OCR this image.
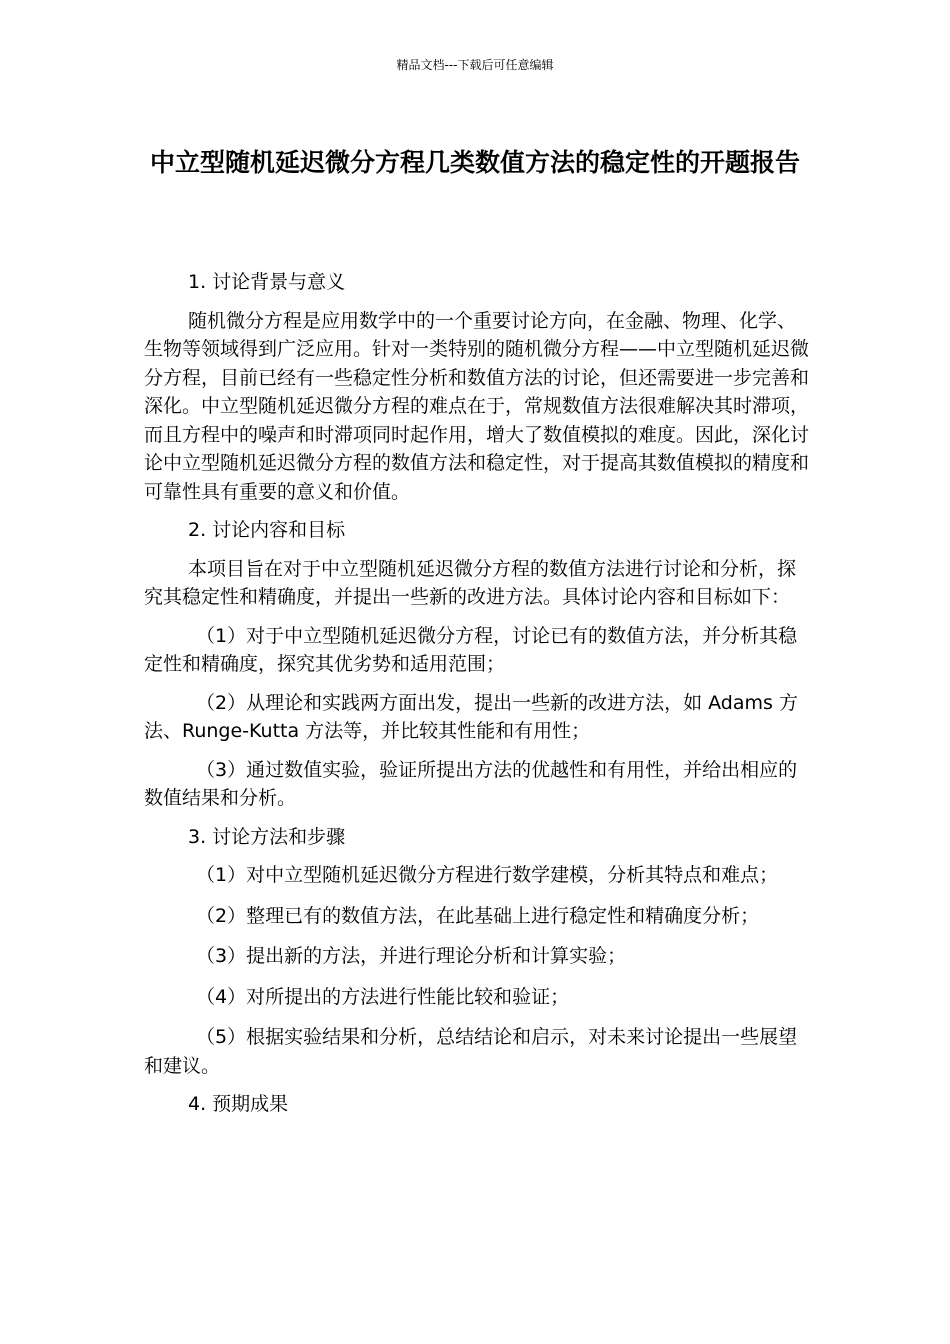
精品文档---下载后可任意编辑
中立型随机延迟微分方程几类数值方法的稳定性的开题报告

1. 讨论背景与意义

随机微分方程是应用数学中的一个重要讨论方向，在金融、物理、化学、生物等领域得到广泛应用。针对一类特别的随机微分方程——中立型随机延迟微分方程，目前已经有一些稳定性分析和数值方法的讨论，但还需要进一步完善和深化。中立型随机延迟微分方程的难点在于，常规数值方法很难解决其时滞项，而且方程中的噪声和时滞项同时起作用，增大了数值模拟的难度。因此，深化讨论中立型随机延迟微分方程的数值方法和稳定性，对于提高其数值模拟的精度和可靠性具有重要的意义和价值。

2. 讨论内容和目标

本项目旨在对于中立型随机延迟微分方程的数值方法进行讨论和分析，探究其稳定性和精确度，并提出一些新的改进方法。具体讨论内容和目标如下：

（1）对于中立型随机延迟微分方程，讨论已有的数值方法，并分析其稳定性和精确度，探究其优劣势和适用范围；

（2）从理论和实践两方面出发，提出一些新的改进方法，如 Adams 方法、Runge-Kutta 方法等，并比较其性能和有用性；

（3）通过数值实验，验证所提出方法的优越性和有用性，并给出相应的数值结果和分析。

3. 讨论方法和步骤

（1）对中立型随机延迟微分方程进行数学建模，分析其特点和难点；

（2）整理已有的数值方法，在此基础上进行稳定性和精确度分析；

（3）提出新的方法，并进行理论分析和计算实验；

（4）对所提出的方法进行性能比较和验证；

（5）根据实验结果和分析，总结结论和启示，对未来讨论提出一些展望和建议。

4. 预期成果
